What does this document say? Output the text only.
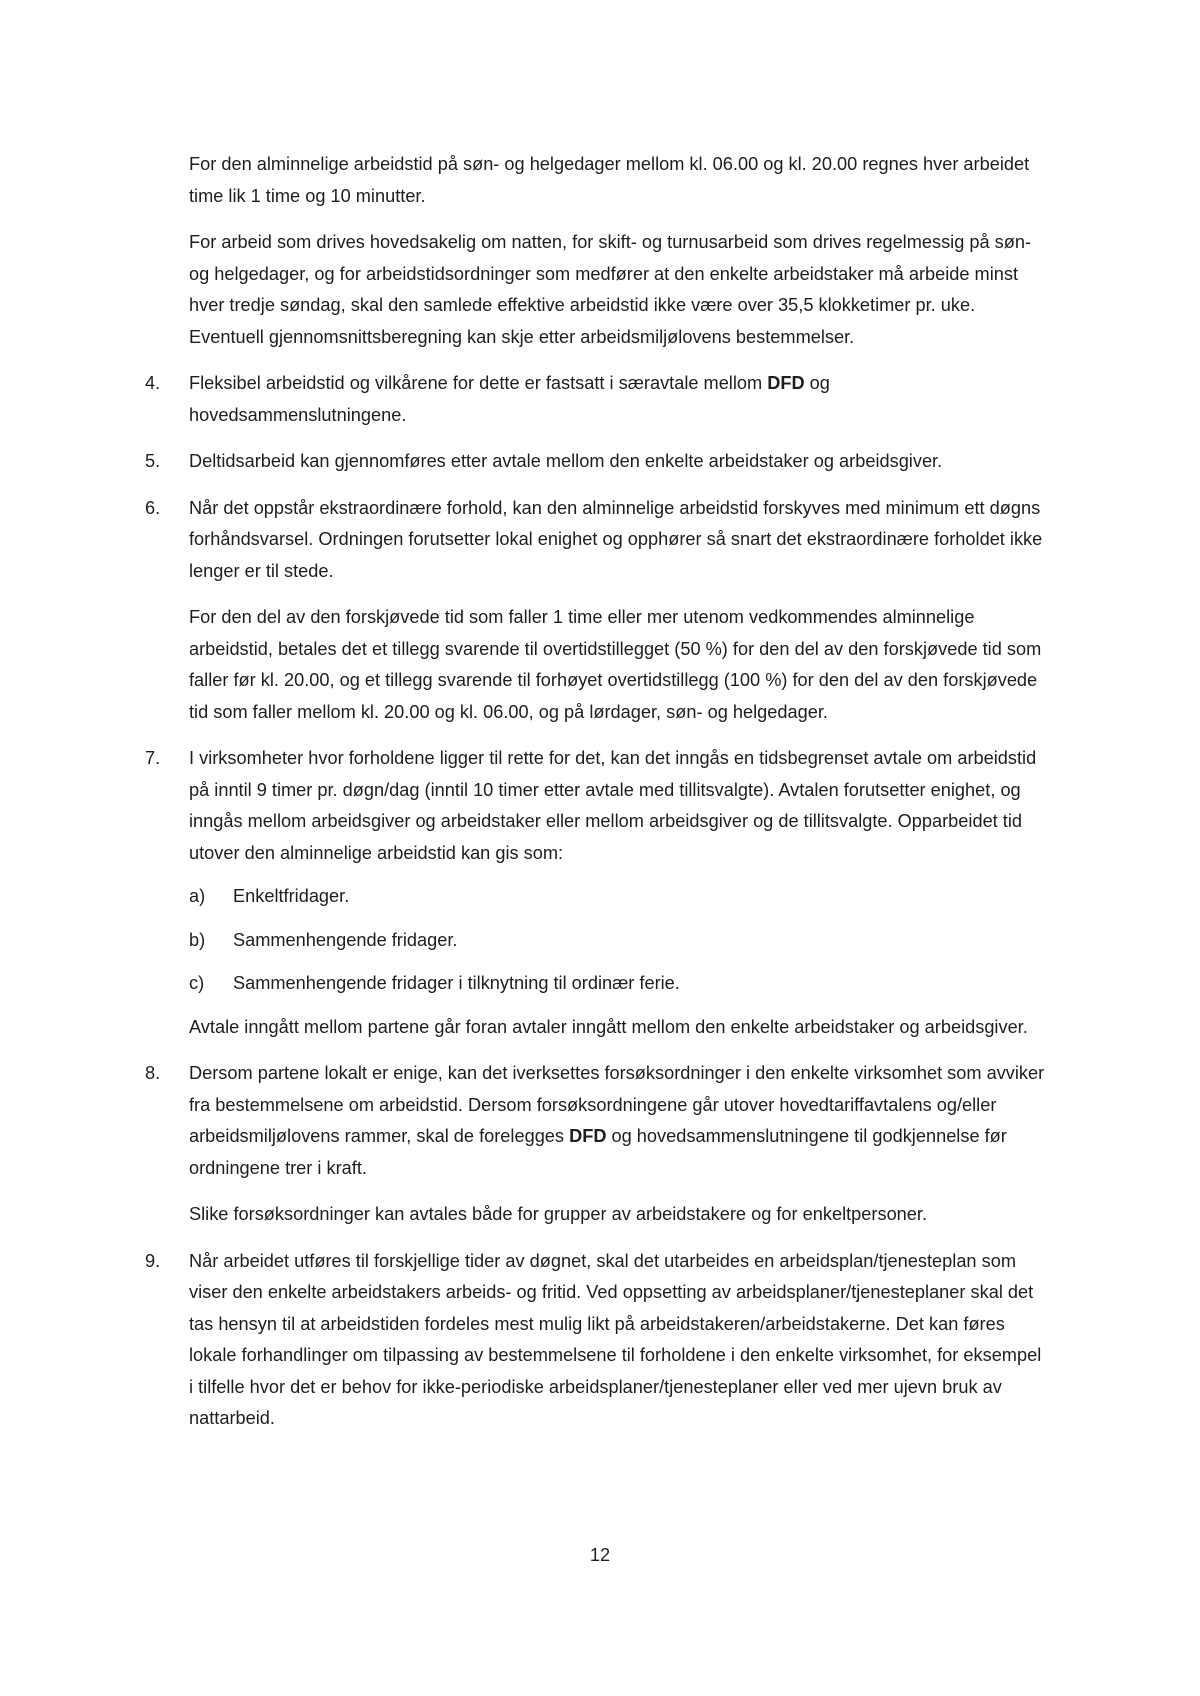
For den alminnelige arbeidstid på søn- og helgedager mellom kl. 06.00 og kl. 20.00 regnes hver arbeidet time lik 1 time og 10 minutter.

For arbeid som drives hovedsakelig om natten, for skift- og turnusarbeid som drives regelmessig på søn- og helgedager, og for arbeidstidsordninger som medfører at den enkelte arbeidstaker må arbeide minst hver tredje søndag, skal den samlede effektive arbeidstid ikke være over 35,5 klokketimer pr. uke. Eventuell gjennomsnittsberegning kan skje etter arbeidsmiljølovens bestemmelser.

4.	Fleksibel arbeidstid og vilkårene for dette er fastsatt i særavtale mellom DFD og hovedsammenslutningene.

5.	Deltidsarbeid kan gjennomføres etter avtale mellom den enkelte arbeidstaker og arbeidsgiver.

6.	Når det oppstår ekstraordinære forhold, kan den alminnelige arbeidstid forskyves med minimum ett døgns forhåndsvarsel. Ordningen forutsetter lokal enighet og opphører så snart det ekstraordinære forholdet ikke lenger er til stede.

For den del av den forskjøvede tid som faller 1 time eller mer utenom vedkommendes alminnelige arbeidstid, betales det et tillegg svarende til overtidstillegget (50 %) for den del av den forskjøvede tid som faller før kl. 20.00, og et tillegg svarende til forhøyet overtidstillegg (100 %) for den del av den forskjøvede tid som faller mellom kl. 20.00 og kl. 06.00, og på lørdager, søn- og helgedager.

7.	I virksomheter hvor forholdene ligger til rette for det, kan det inngås en tidsbegrenset avtale om arbeidstid på inntil 9 timer pr. døgn/dag (inntil 10 timer etter avtale med tillitsvalgte). Avtalen forutsetter enighet, og inngås mellom arbeidsgiver og arbeidstaker eller mellom arbeidsgiver og de tillitsvalgte. Opparbeidet tid utover den alminnelige arbeidstid kan gis som:

a) Enkeltfridager.

b) Sammenhengende fridager.

c) Sammenhengende fridager i tilknytning til ordinær ferie.

Avtale inngått mellom partene går foran avtaler inngått mellom den enkelte arbeidstaker og arbeidsgiver.

8.	Dersom partene lokalt er enige, kan det iverksettes forsøksordninger i den enkelte virksomhet som avviker fra bestemmelsene om arbeidstid. Dersom forsøksordningene går utover hovedtariffavtalens og/eller arbeidsmiljølovens rammer, skal de forelegges DFD og hovedsammenslutningene til godkjennelse før ordningene trer i kraft.

Slike forsøksordninger kan avtales både for grupper av arbeidstakere og for enkeltpersoner.

9.	Når arbeidet utføres til forskjellige tider av døgnet, skal det utarbeides en arbeidsplan/tjenesteplan som viser den enkelte arbeidstakers arbeids- og fritid. Ved oppsetting av arbeidsplaner/tjenesteplaner skal det tas hensyn til at arbeidstiden fordeles mest mulig likt på arbeidstakeren/arbeidstakerne. Det kan føres lokale forhandlinger om tilpassing av bestemmelsene til forholdene i den enkelte virksomhet, for eksempel i tilfelle hvor det er behov for ikke-periodiske arbeidsplaner/tjenesteplaner eller ved mer ujevn bruk av nattarbeid.

12
